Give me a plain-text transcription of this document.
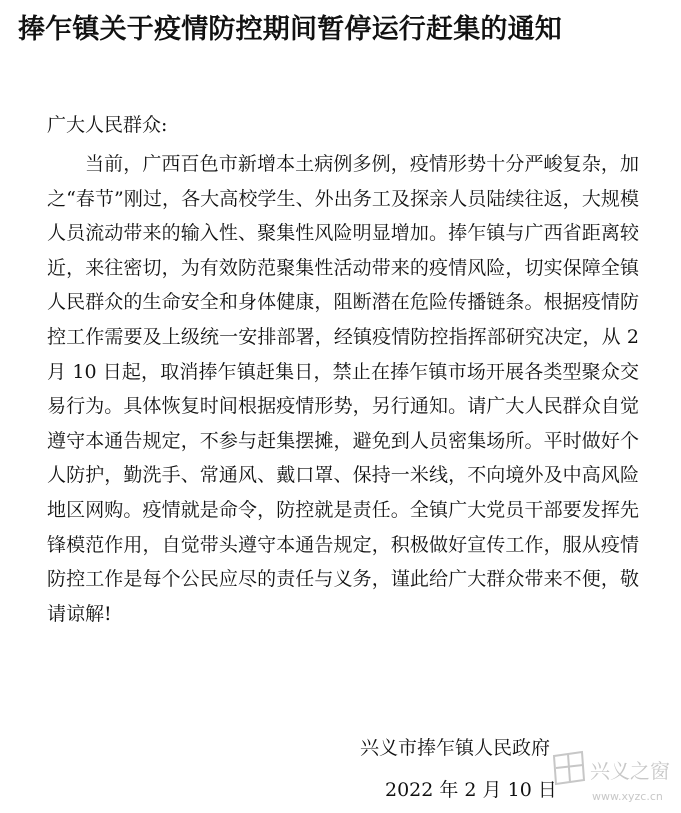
捧乍镇关于疫情防控期间暂停运行赶集的通知
广大人民群众:

当前，广西百色市新增本土病例多例，疫情形势十分严峻复杂，加之“春节”刚过，各大高校学生、外出务工及探亲人员陆续往返，大规模人员流动带来的输入性、聚集性风险明显增加。捧乍镇与广西省距离较近，来往密切，为有效防范聚集性活动带来的疫情风险，切实保障全镇人民群众的生命安全和身体健康，阻断潜在危险传播链条。根据疫情防控工作需要及上级统一安排部署，经镇疫情防控指挥部研究决定，从 2 月 10 日起，取消捧乍镇赶集日，禁止在捧乍镇市场开展各类型聚众交易行为。具体恢复时间根据疫情形势，另行通知。请广大人民群众自觉遵守本通告规定，不参与赶集摆摊，避免到人员密集场所。平时做好个人防护，勤洗手、常通风、戴口罩、保持一米线，不向境外及中高风险地区网购。疫情就是命令，防控就是责任。全镇广大党员干部要发挥先锋模范作用，自觉带头遵守本通告规定，积极做好宣传工作，服从疫情防控工作是每个公民应尽的责任与义务，谨此给广大群众带来不便，敬请谅解!

兴义市捧乍镇人民政府
2022 年 2 月 10 日
兴义之窗
www.xyzc.cn
